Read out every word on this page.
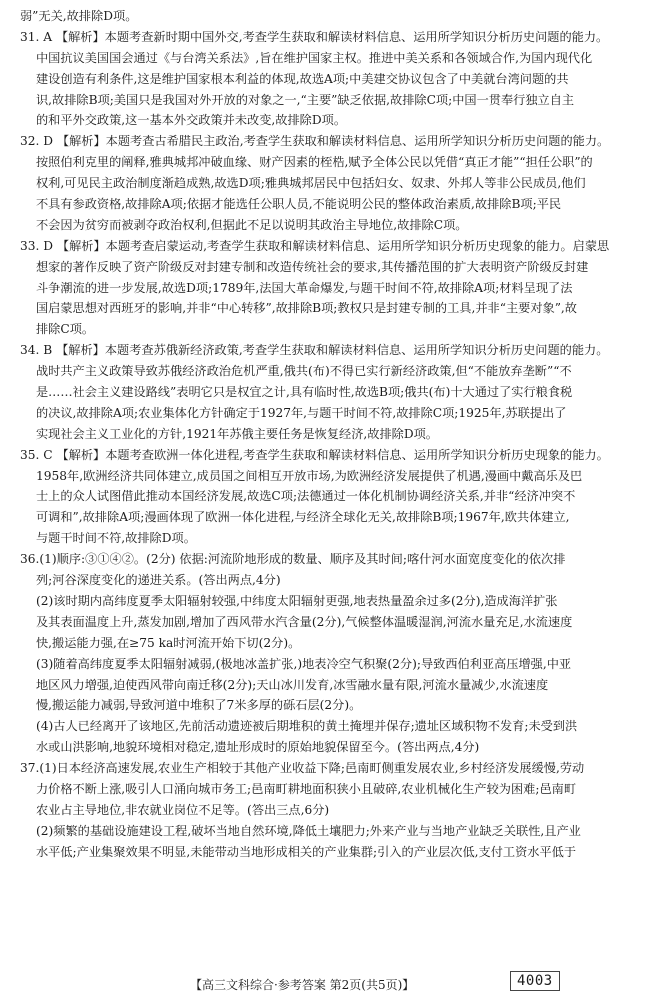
弱”无关,故排除D项。
31. A 【解析】本题考查新时期中国外交,考查学生获取和解读材料信息、运用所学知识分析历史问题的能力。
中国抗议美国国会通过《与台湾关系法》,旨在维护国家主权。推进中美关系和各领域合作,为国内现代化
建设创造有利条件,这是维护国家根本利益的体现,故选A项;中美建交协议包含了中美就台湾问题的共
识,故排除B项;美国只是我国对外开放的对象之一,“主要”缺乏依据,故排除C项;中国一贯奉行独立自主
的和平外交政策,这一基本外交政策并未改变,故排除D项。
32. D 【解析】本题考查古希腊民主政治,考查学生获取和解读材料信息、运用所学知识分析历史问题的能力。
按照伯利克里的阐释,雅典城邦冲破血缘、财产因素的桎梏,赋予全体公民以凭借“真正才能”“担任公职”的
权利,可见民主政治制度渐趋成熟,故选D项;雅典城邦居民中包括妇女、奴隶、外邦人等非公民成员,他们
不具有参政资格,故排除A项;依据才能选任公职人员,不能说明公民的整体政治素质,故排除B项;平民
不会因为贫穷而被剥夺政治权利,但据此不足以说明其政治主导地位,故排除C项。
33. D 【解析】本题考查启蒙运动,考查学生获取和解读材料信息、运用所学知识分析历史现象的能力。启蒙思
想家的著作反映了资产阶级反对封建专制和改造传统社会的要求,其传播范围的扩大表明资产阶级反封建
斗争潮流的进一步发展,故选D项;1789年,法国大革命爆发,与题干时间不符,故排除A项;材料呈现了法
国启蒙思想对西班牙的影响,并非“中心转移”,故排除B项;教权只是封建专制的工具,并非“主要对象”,故
排除C项。
34. B 【解析】本题考查苏俄新经济政策,考查学生获取和解读材料信息、运用所学知识分析历史问题的能力。
战时共产主义政策导致苏俄经济政治危机严重,俄共(布)不得已实行新经济政策,但“不能放弃垄断”“不
是……社会主义建设路线”表明它只是权宜之计,具有临时性,故选B项;俄共(布)十大通过了实行粮食税
的决议,故排除A项;农业集体化方针确定于1927年,与题干时间不符,故排除C项;1925年,苏联提出了
实现社会主义工业化的方针,1921年苏俄主要任务是恢复经济,故排除D项。
35. C 【解析】本题考查欧洲一体化进程,考查学生获取和解读材料信息、运用所学知识分析历史现象的能力。
1958年,欧洲经济共同体建立,成员国之间相互开放市场,为欧洲经济发展提供了机遇,漫画中戴高乐及巴
士上的众人试图借此推动本国经济发展,故选C项;法德通过一体化机制协调经济关系,并非“经济冲突不
可调和”,故排除A项;漫画体现了欧洲一体化进程,与经济全球化无关,故排除B项;1967年,欧共体建立,
与题干时间不符,故排除D项。
36.(1)顺序:③①④②。(2分) 依据:河流阶地形成的数量、顺序及其时间;喀什河水面宽度变化的依次排
列;河谷深度变化的递进关系。(答出两点,4分)
(2)该时期内高纬度夏季太阳辐射较强,中纬度太阳辐射更强,地表热量盈余过多(2分),造成海洋扩张
及其表面温度上升,蒸发加剧,增加了西风带水汽含量(2分),气候整体温暖湿润,河流水量充足,水流速度
快,搬运能力强,在≥75 ka时河流开始下切(2分)。
(3)随着高纬度夏季太阳辐射减弱,(极地冰盖扩张,)地表冷空气积聚(2分);导致西伯利亚高压增强,中亚
地区风力增强,迫使西风带向南迁移(2分);天山冰川发育,冰雪融水量有限,河流水量减少,水流速度
慢,搬运能力减弱,导致河道中堆积了7米多厚的砾石层(2分)。
(4)古人已经离开了该地区,先前活动遗迹被后期堆积的黄土掩埋并保存;遗址区域积物不发育;未受到洪
水或山洪影响,地貌环境相对稳定,遗址形成时的原始地貌保留至今。(答出两点,4分)
37.(1)日本经济高速发展,农业生产相较于其他产业收益下降;邑南町侧重发展农业,乡村经济发展缓慢,劳动
力价格不断上涨,吸引人口涌向城市务工;邑南町耕地面积狭小且破碎,农业机械化生产较为困难;邑南町
农业占主导地位,非农就业岗位不足等。(答出三点,6分)
(2)频繁的基础设施建设工程,破坏当地自然环境,降低土壤肥力;外来产业与当地产业缺乏关联性,且产业
水平低;产业集聚效果不明显,未能带动当地形成相关的产业集群;引入的产业层次低,支付工资水平低于
【高三文科综合·参考答案 第2页(共5页)】	4003
